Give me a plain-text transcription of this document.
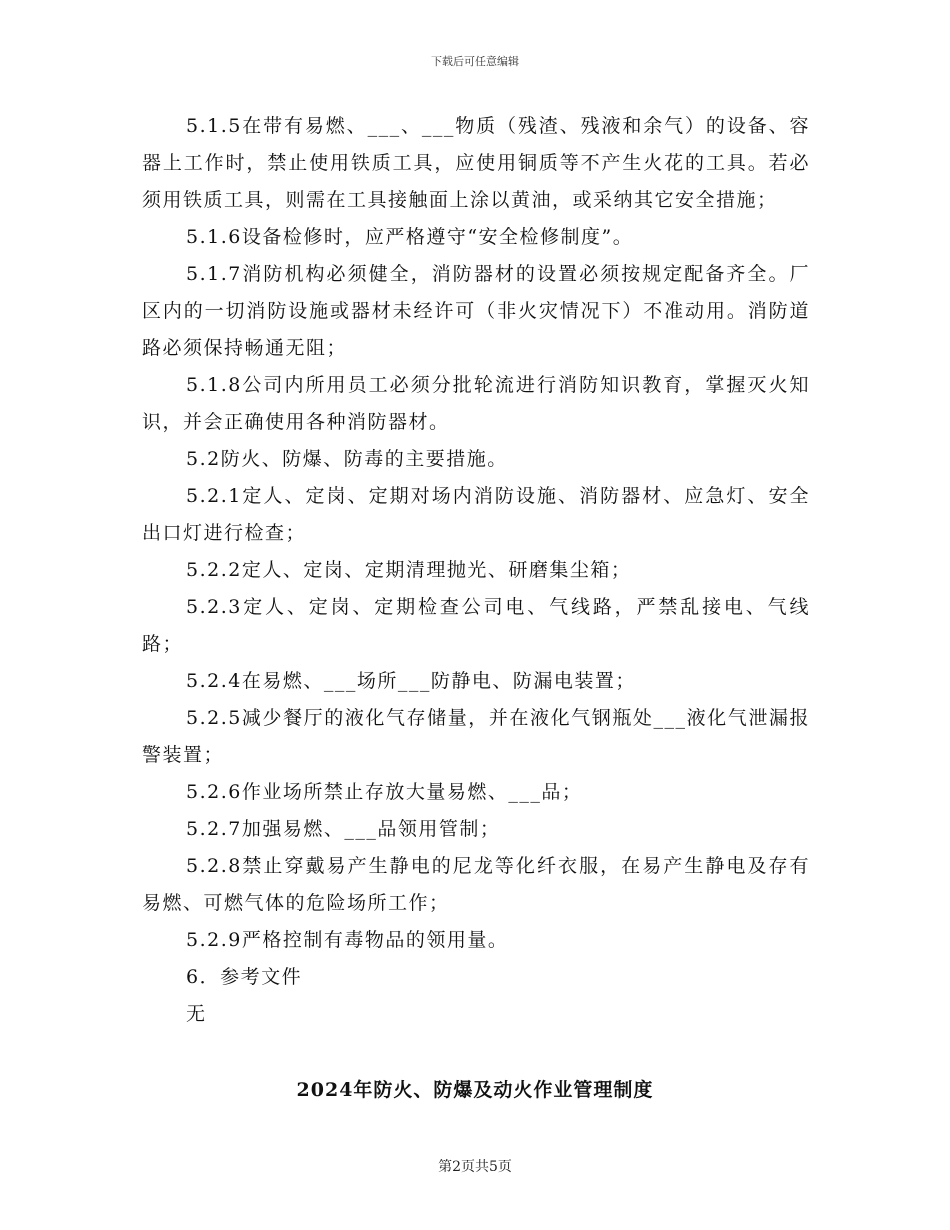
下载后可任意编辑

5.1.5在带有易燃、___、___物质（残渣、残液和余气）的设备、容器上工作时，禁止使用铁质工具，应使用铜质等不产生火花的工具。若必须用铁质工具，则需在工具接触面上涂以黄油，或采纳其它安全措施；

5.1.6设备检修时，应严格遵守“安全检修制度”。

5.1.7消防机构必须健全，消防器材的设置必须按规定配备齐全。厂区内的一切消防设施或器材未经许可（非火灾情况下）不准动用。消防道路必须保持畅通无阻；

5.1.8公司内所用员工必须分批轮流进行消防知识教育，掌握灭火知识，并会正确使用各种消防器材。

5.2防火、防爆、防毒的主要措施。

5.2.1定人、定岗、定期对场内消防设施、消防器材、应急灯、安全出口灯进行检查；

5.2.2定人、定岗、定期清理抛光、研磨集尘箱；

5.2.3定人、定岗、定期检查公司电、气线路，严禁乱接电、气线路；

5.2.4在易燃、___场所___防静电、防漏电装置；

5.2.5减少餐厅的液化气存储量，并在液化气钢瓶处___液化气泄漏报警装置；

5.2.6作业场所禁止存放大量易燃、___品；

5.2.7加强易燃、___品领用管制；

5.2.8禁止穿戴易产生静电的尼龙等化纤衣服，在易产生静电及存有易燃、可燃气体的危险场所工作；

5.2.9严格控制有毒物品的领用量。

6．参考文件

无

2024年防火、防爆及动火作业管理制度
第2页共5页
